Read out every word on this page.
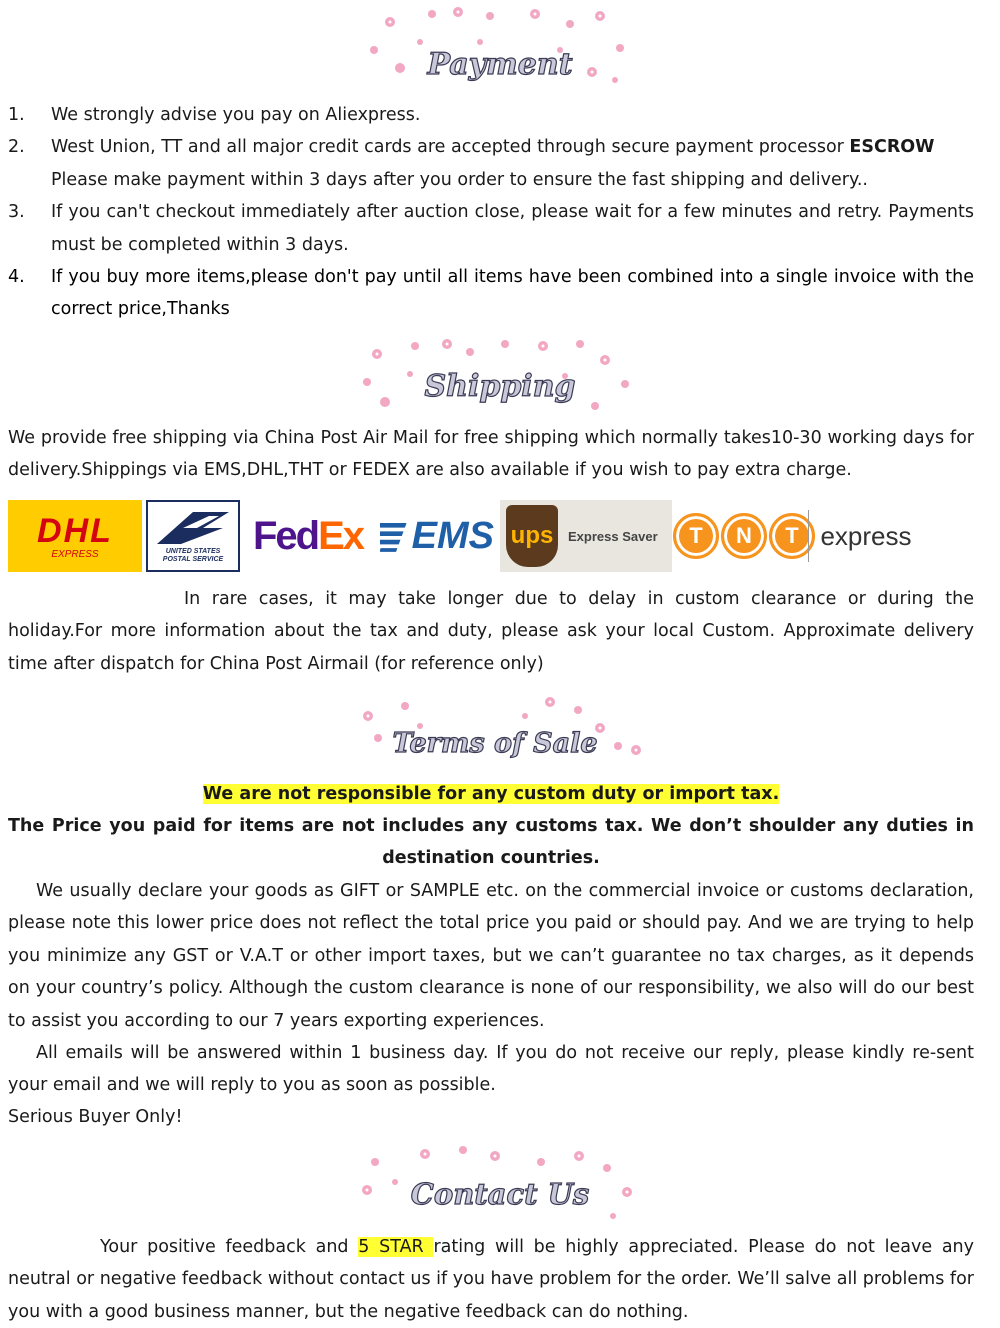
Payment
1.	We strongly advise you pay on Aliexpress.
2.	West Union, TT and all major credit cards are accepted through secure payment processor ESCROW
Please make payment within 3 days after you order to ensure the fast shipping and delivery..
3.	If you can't checkout immediately after auction close, please wait for a few minutes and retry. Payments must be completed within 3 days.
4.	If you buy more items,please don't pay until all items have been combined into a single invoice with the correct price,Thanks
Shipping
We provide free shipping via China Post Air Mail for free shipping which normally takes10-30 working days for delivery.Shippings via EMS,DHL,THT or FEDEX are also available if you wish to pay extra charge.
DHL
EXPRESS	UNITED STATES
POSTAL SERVICE
Fed Ex EMS ups Express Saver	T	N	T express
In rare cases, it may take longer due to delay in custom clearance or during the holiday.For more information about the tax and duty, please ask your local Custom. Approximate delivery time after dispatch for China Post Airmail (for reference only)
Terms of Sale
We are not responsible for any custom duty or import tax.
The Price you paid for items are not includes any customs tax. We don’t shoulder any duties in destination countries.
We usually declare your goods as GIFT or SAMPLE etc. on the commercial invoice or customs declaration, please note this lower price does not reflect the total price you paid or should pay. And we are trying to help you minimize any GST or V.A.T or other import taxes, but we can’t guarantee no tax charges, as it depends on your country’s policy. Although the custom clearance is none of our responsibility, we also will do our best to assist you according to our 7 years exporting experiences.
All emails will be answered within 1 business day. If you do not receive our reply, please kindly re-sent your email and we will reply to you as soon as possible.
Serious Buyer Only!
Contact Us
Your positive feedback and 5 STAR rating will be highly appreciated. Please do not leave any neutral or negative feedback without contact us if you have problem for the order. We’ll salve all problems for you with a good business manner, but the negative feedback can do nothing.
